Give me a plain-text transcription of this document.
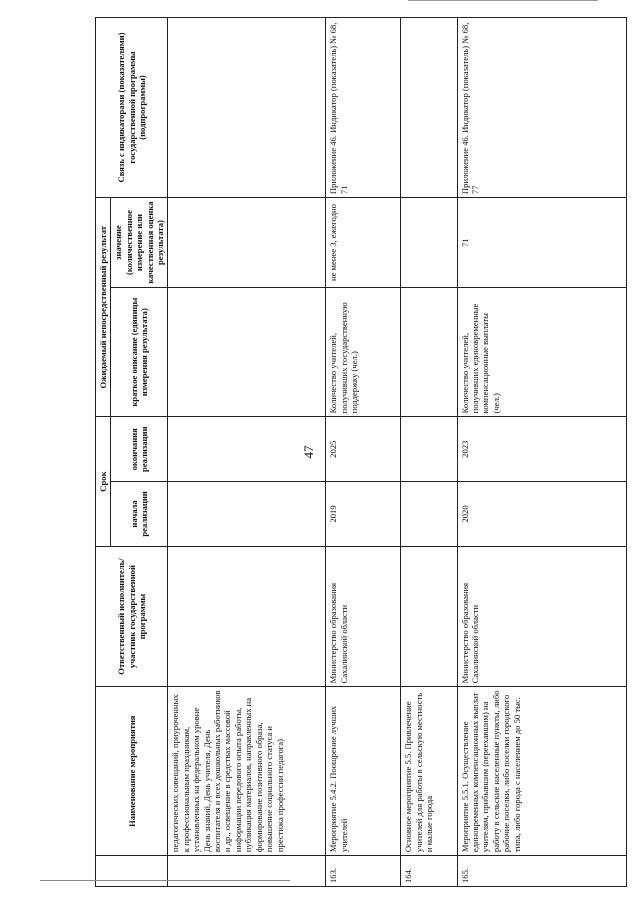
47
	Наименование мероприятия	Ответственный исполнитель/участник государственной программы	Срок		Ожидаемый непосредственный результат		Связь с индикаторами (показателями) государственной программы (подпрограммы)
			начала реализации	окончания реализации	краткое описание (единицы измерения результата)	значение (количественное измерение или качественная оценка результата)	
	педагогических совещаний, приуроченных к профессиональным праздникам, установленных на федеральном уровне День знаний, День учителя, День воспитателя и всех дошкольных работников и др., освещение в средствах массовой информации передового опыта работы, публикация материалов, направленных на формирование позитивного образа, повышение социального статуса и престижа профессии педагога)						
163.	Мероприятие 5.4.2. Поощрение лучших учителей	Министерство образования Сахалинской области	2019	2025	Количество учителей, получивших государственную поддержку (чел.)	не менее 3, ежегодно	Приложение 46. Индикатор (показатель) № 68, 71
164.	Основное мероприятие 5.5. Привлечение учителей для работы в сельскую местность и малые города						
165.	Мероприятие 5.5.1. Осуществление единовременных компенсационных выплат учителям, прибывшим (переехавшим) на работу в сельские населенные пункты, либо рабочие поселки, либо поселки городского типа, либо города с населением до 50 тыс.	Министерство образования Сахалинской области	2020	2023	Количество учителей, получивших единовременные компенсационные выплаты (чел.)	71	Приложение 46. Индикатор (показатель) № 68, 77
